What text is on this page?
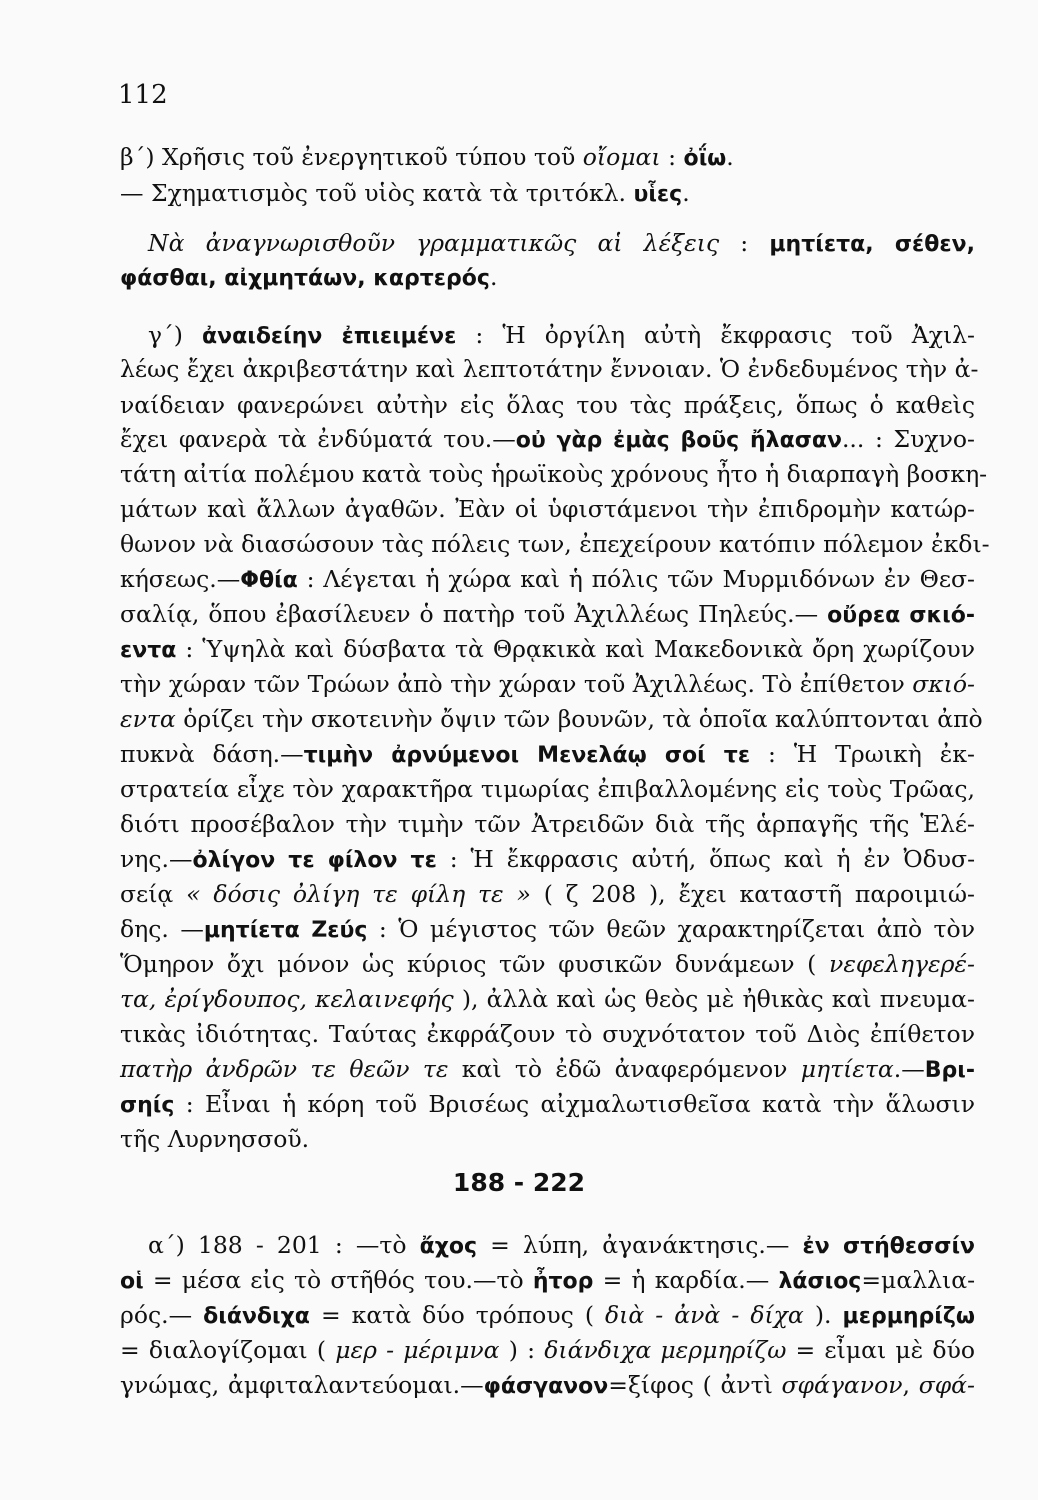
112
β΄) Χρῆσις τοῦ ἐνεργητικοῦ τύπου τοῦ οἴομαι : ὀΐω.
— Σχηματισμὸς τοῦ υἱὸς κατὰ τὰ τριτόκλ. υἷες.
Νὰ ἀναγνωρισθοῦν γραμματικῶς αἱ λέξεις : μητίετα, σέθεν,
φάσθαι, αἰχμητάων, καρτερός.
γ΄) ἀναιδείην ἐπιειμένε : Ἡ ὀργίλη αὐτὴ ἔκφρασις τοῦ Ἀχιλ-
λέως ἔχει ἀκριβεστάτην καὶ λεπτοτάτην ἔννοιαν. Ὁ ἐνδεδυμένος τὴν ἀ-
ναίδειαν φανερώνει αὐτὴν εἰς ὅλας του τὰς πράξεις, ὅπως ὁ καθεὶς
ἔχει φανερὰ τὰ ἐνδύματά του.—οὐ γὰρ ἐμὰς βοῦς ἤλασαν... : Συχνο-
τάτη αἰτία πολέμου κατὰ τοὺς ἡρωϊκοὺς χρόνους ἦτο ἡ διαρπαγὴ βοσκη-
μάτων καὶ ἄλλων ἀγαθῶν. Ἐὰν οἱ ὑφιστάμενοι τὴν ἐπιδρομὴν κατώρ-
θωνον νὰ διασώσουν τὰς πόλεις των, ἐπεχείρουν κατόπιν πόλεμον ἐκδι-
κήσεως.—Φθία : Λέγεται ἡ χώρα καὶ ἡ πόλις τῶν Μυρμιδόνων ἐν Θεσ-
σαλίᾳ, ὅπου ἐβασίλευεν ὁ πατὴρ τοῦ Ἀχιλλέως Πηλεύς.— οὔρεα σκιό-
εντα : Ὑψηλὰ καὶ δύσβατα τὰ Θρᾳκικὰ καὶ Μακεδονικὰ ὄρη χωρίζουν
τὴν χώραν τῶν Τρώων ἀπὸ τὴν χώραν τοῦ Ἀχιλλέως. Τὸ ἐπίθετον σκιό-
εντα ὁρίζει τὴν σκοτεινὴν ὄψιν τῶν βουνῶν, τὰ ὁποῖα καλύπτονται ἀπὸ
πυκνὰ δάση.—τιμὴν ἀρνύμενοι Μενελάῳ σοί τε : Ἡ Τρωικὴ ἐκ-
στρατεία εἶχε τὸν χαρακτῆρα τιμωρίας ἐπιβαλλομένης εἰς τοὺς Τρῶας,
διότι προσέβαλον τὴν τιμὴν τῶν Ἀτρειδῶν διὰ τῆς ἁρπαγῆς τῆς Ἑλέ-
νης.—ὀλίγον τε φίλον τε : Ἡ ἔκφρασις αὐτή, ὅπως καὶ ἡ ἐν Ὀδυσ-
σείᾳ « δόσις ὀλίγη τε φίλη τε » ( ζ 208 ), ἔχει καταστῆ παροιμιώ-
δης. —μητίετα Ζεύς : Ὁ μέγιστος τῶν θεῶν χαρακτηρίζεται ἀπὸ τὸν
Ὅμηρον ὄχι μόνον ὡς κύριος τῶν φυσικῶν δυνάμεων ( νεφεληγερέ-
τα, ἐρίγδουπος, κελαινεφής ), ἀλλὰ καὶ ὡς θεὸς μὲ ἠθικὰς καὶ πνευμα-
τικὰς ἰδιότητας. Ταύτας ἐκφράζουν τὸ συχνότατον τοῦ Διὸς ἐπίθετον
πατὴρ ἀνδρῶν τε θεῶν τε καὶ τὸ ἐδῶ ἀναφερόμενον μητίετα.—Βρι-
σηίς : Εἶναι ἡ κόρη τοῦ Βρισέως αἰχμαλωτισθεῖσα κατὰ τὴν ἅλωσιν
τῆς Λυρνησσοῦ.
α΄) 188 - 201 : —τὸ ἄχος = λύπη, ἀγανάκτησις.— ἐν στήθεσσίν
οἱ = μέσα εἰς τὸ στῆθός του.—τὸ ἦτορ = ἡ καρδία.— λάσιος=μαλλια-
ρός.— διάνδιχα = κατὰ δύο τρόπους ( διὰ - ἀνὰ - δίχα ). μερμηρίζω
= διαλογίζομαι ( μερ - μέριμνα ) : διάνδιχα μερμηρίζω = εἶμαι μὲ δύο
γνώμας, ἀμφιταλαντεύομαι.—φάσγανον=ξίφος ( ἀντὶ σφάγανον, σφά-
188 - 222
